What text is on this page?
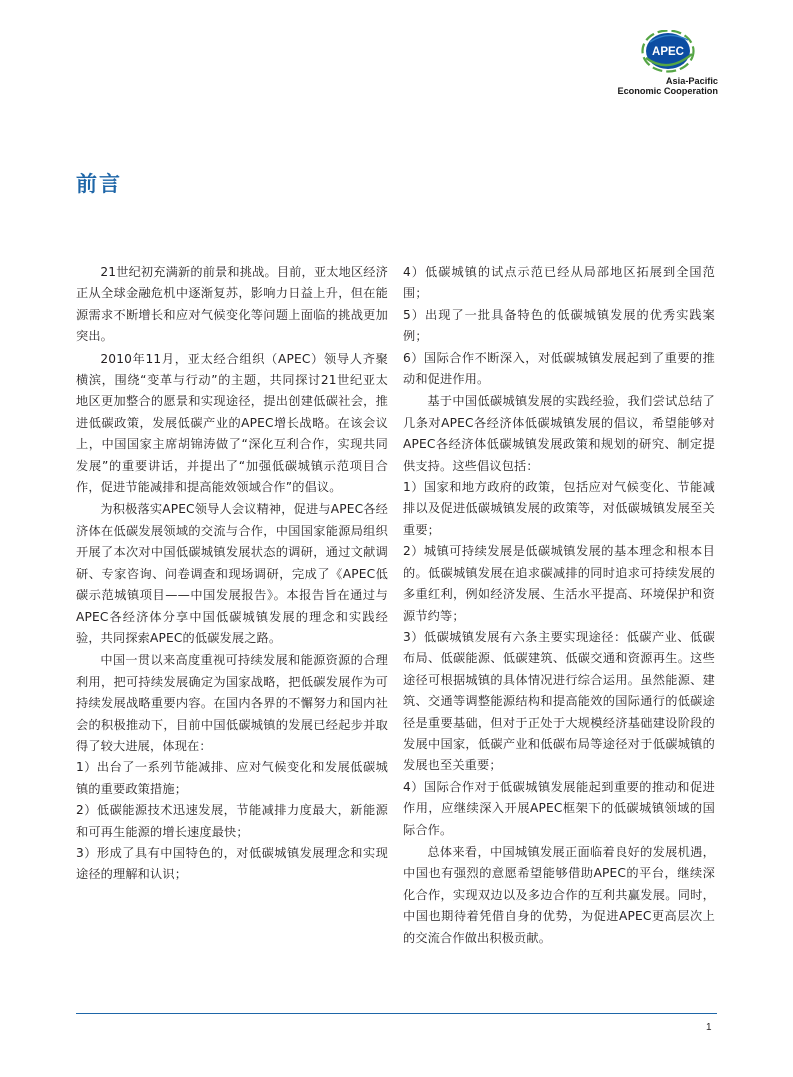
APEC
Asia-Pacific
Economic Cooperation
前言

21世纪初充满新的前景和挑战。目前，亚太地区经济正从全球金融危机中逐渐复苏，影响力日益上升，但在能源需求不断增长和应对气候变化等问题上面临的挑战更加突出。

2010年11月，亚太经合组织（APEC）领导人齐聚横滨，围绕“变革与行动”的主题，共同探讨21世纪亚太地区更加整合的愿景和实现途径，提出创建低碳社会，推进低碳政策，发展低碳产业的APEC增长战略。在该会议上，中国国家主席胡锦涛做了“深化互利合作，实现共同发展”的重要讲话，并提出了“加强低碳城镇示范项目合作，促进节能减排和提高能效领域合作”的倡议。

为积极落实APEC领导人会议精神，促进与APEC各经济体在低碳发展领域的交流与合作，中国国家能源局组织开展了本次对中国低碳城镇发展状态的调研，通过文献调研、专家咨询、问卷调查和现场调研，完成了《APEC低碳示范城镇项目——中国发展报告》。本报告旨在通过与APEC各经济体分享中国低碳城镇发展的理念和实践经验，共同探索APEC的低碳发展之路。

中国一贯以来高度重视可持续发展和能源资源的合理利用，把可持续发展确定为国家战略，把低碳发展作为可持续发展战略重要内容。在国内各界的不懈努力和国内社会的积极推动下，目前中国低碳城镇的发展已经起步并取得了较大进展，体现在：

1）出台了一系列节能减排、应对气候变化和发展低碳城镇的重要政策措施；

2）低碳能源技术迅速发展，节能减排力度最大，新能源和可再生能源的增长速度最快；

3）形成了具有中国特色的，对低碳城镇发展理念和实现途径的理解和认识；

4）低碳城镇的试点示范已经从局部地区拓展到全国范围；

5）出现了一批具备特色的低碳城镇发展的优秀实践案例；

6）国际合作不断深入，对低碳城镇发展起到了重要的推动和促进作用。

基于中国低碳城镇发展的实践经验，我们尝试总结了几条对APEC各经济体低碳城镇发展的倡议，希望能够对APEC各经济体低碳城镇发展政策和规划的研究、制定提供支持。这些倡议包括：

1）国家和地方政府的政策，包括应对气候变化、节能减排以及促进低碳城镇发展的政策等，对低碳城镇发展至关重要；

2）城镇可持续发展是低碳城镇发展的基本理念和根本目的。低碳城镇发展在追求碳减排的同时追求可持续发展的多重红利，例如经济发展、生活水平提高、环境保护和资源节约等；

3）低碳城镇发展有六条主要实现途径：低碳产业、低碳布局、低碳能源、低碳建筑、低碳交通和资源再生。这些途径可根据城镇的具体情况进行综合运用。虽然能源、建筑、交通等调整能源结构和提高能效的国际通行的低碳途径是重要基础，但对于正处于大规模经济基础建设阶段的发展中国家，低碳产业和低碳布局等途径对于低碳城镇的发展也至关重要；

4）国际合作对于低碳城镇发展能起到重要的推动和促进作用，应继续深入开展APEC框架下的低碳城镇领域的国际合作。

总体来看，中国城镇发展正面临着良好的发展机遇，中国也有强烈的意愿希望能够借助APEC的平台，继续深化合作，实现双边以及多边合作的互利共赢发展。同时，中国也期待着凭借自身的优势，为促进APEC更高层次上的交流合作做出积极贡献。

1
